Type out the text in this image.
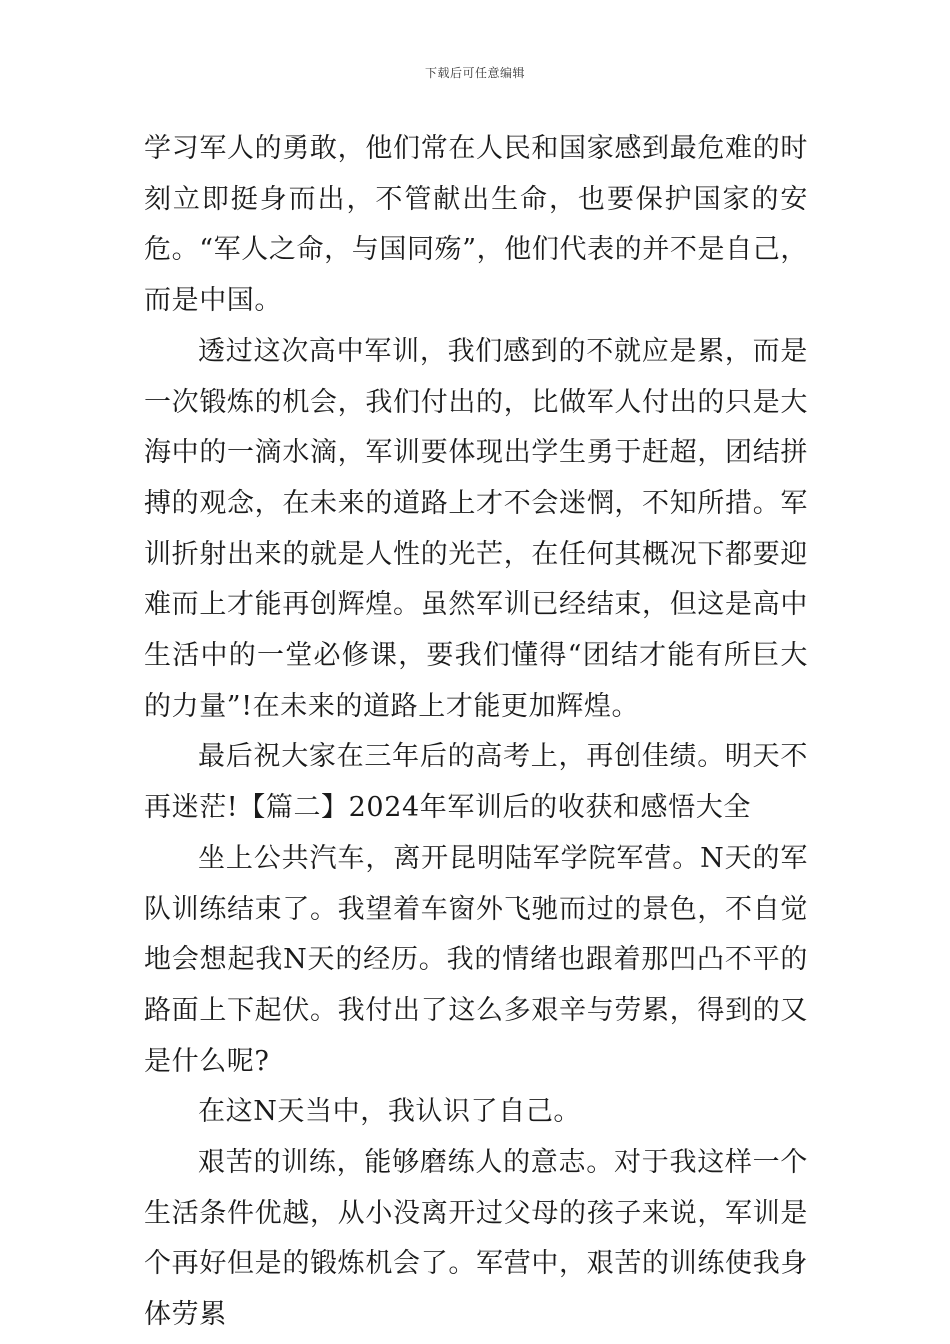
下载后可任意编辑

学习军人的勇敢，他们常在人民和国家感到最危难的时刻立即挺身而出，不管献出生命，也要保护国家的安危。“军人之命，与国同殇”，他们代表的并不是自己，而是中国。

透过这次高中军训，我们感到的不就应是累，而是一次锻炼的机会，我们付出的，比做军人付出的只是大海中的一滴水滴，军训要体现出学生勇于赶超，团结拼搏的观念，在未来的道路上才不会迷惘，不知所措。军训折射出来的就是人性的光芒，在任何其概况下都要迎难而上才能再创辉煌。虽然军训已经结束，但这是高中生活中的一堂必修课，要我们懂得“团结才能有所巨大的力量”!在未来的道路上才能更加辉煌。

最后祝大家在三年后的高考上，再创佳绩。明天不再迷茫!【篇二】2024年军训后的收获和感悟大全

坐上公共汽车，离开昆明陆军学院军营。N天的军队训练结束了。我望着车窗外飞驰而过的景色，不自觉地会想起我N天的经历。我的情绪也跟着那凹凸不平的路面上下起伏。我付出了这么多艰辛与劳累，得到的又是什么呢?

在这N天当中，我认识了自己。

艰苦的训练，能够磨练人的意志。对于我这样一个生活条件优越，从小没离开过父母的孩子来说，军训是个再好但是的锻炼机会了。军营中，艰苦的训练使我身体劳累
